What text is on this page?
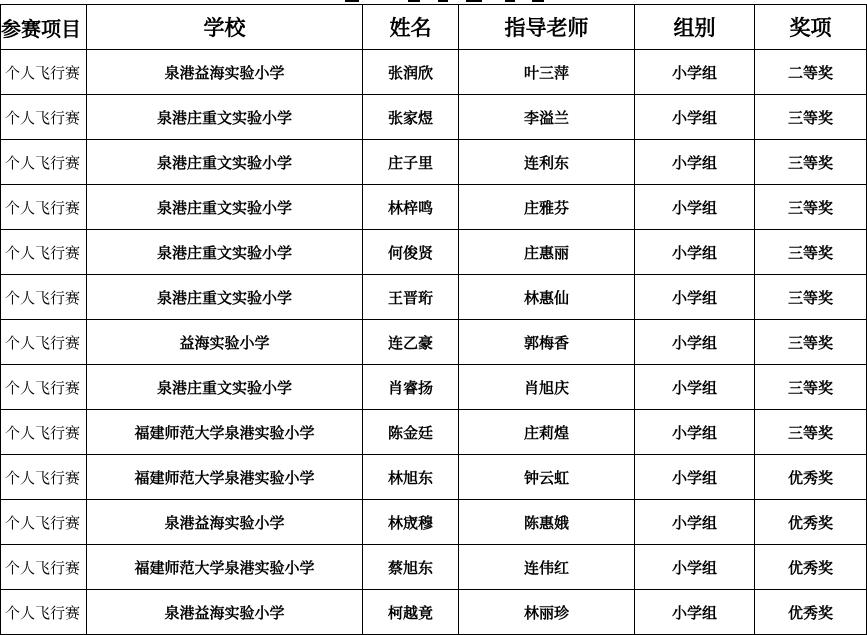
参赛项目	学校	姓名	指导老师	组别	奖项
个人飞行赛	泉港益海实验小学	张润欣	叶三萍	小学组	二等奖
个人飞行赛	泉港庄重文实验小学	张家煜	李溢兰	小学组	三等奖
个人飞行赛	泉港庄重文实验小学	庄子里	连利东	小学组	三等奖
个人飞行赛	泉港庄重文实验小学	林梓鸣	庄雅芬	小学组	三等奖
个人飞行赛	泉港庄重文实验小学	何俊贤	庄惠丽	小学组	三等奖
个人飞行赛	泉港庄重文实验小学	王晋珩	林惠仙	小学组	三等奖
个人飞行赛	益海实验小学	连乙豪	郭梅香	小学组	三等奖
个人飞行赛	泉港庄重文实验小学	肖睿扬	肖旭庆	小学组	三等奖
个人飞行赛	福建师范大学泉港实验小学	陈金廷	庄莉煌	小学组	三等奖
个人飞行赛	福建师范大学泉港实验小学	林旭东	钟云虹	小学组	优秀奖
个人飞行赛	泉港益海实验小学	林宬穆	陈惠娥	小学组	优秀奖
个人飞行赛	福建师范大学泉港实验小学	蔡旭东	连伟红	小学组	优秀奖
个人飞行赛	泉港益海实验小学	柯越竟	林丽珍	小学组	优秀奖
